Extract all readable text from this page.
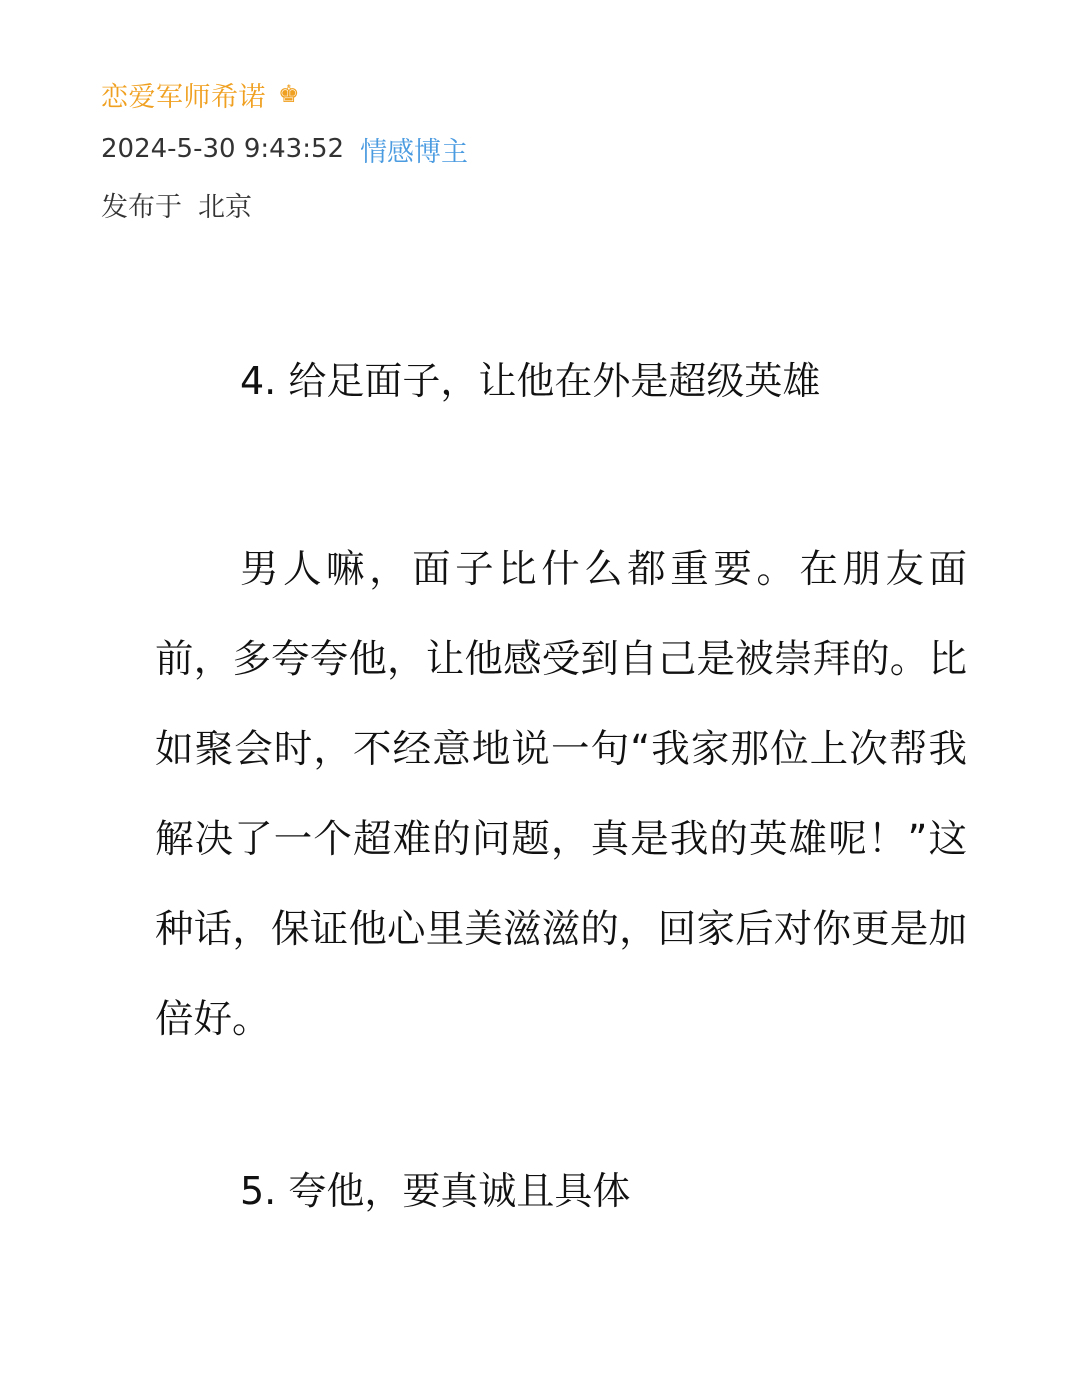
恋爱军师希诺 ♚
2024-5-30 9:43:52 情感博主
发布于 北京
4. 给足面子，让他在外是超级英雄

男人嘛，面子比什么都重要。在朋友面前，多夸夸他，让他感受到自己是被崇拜的。比如聚会时，不经意地说一句“我家那位上次帮我解决了一个超难的问题，真是我的英雄呢！”这种话，保证他心里美滋滋的，回家后对你更是加倍好。

5. 夸他，要真诚且具体
